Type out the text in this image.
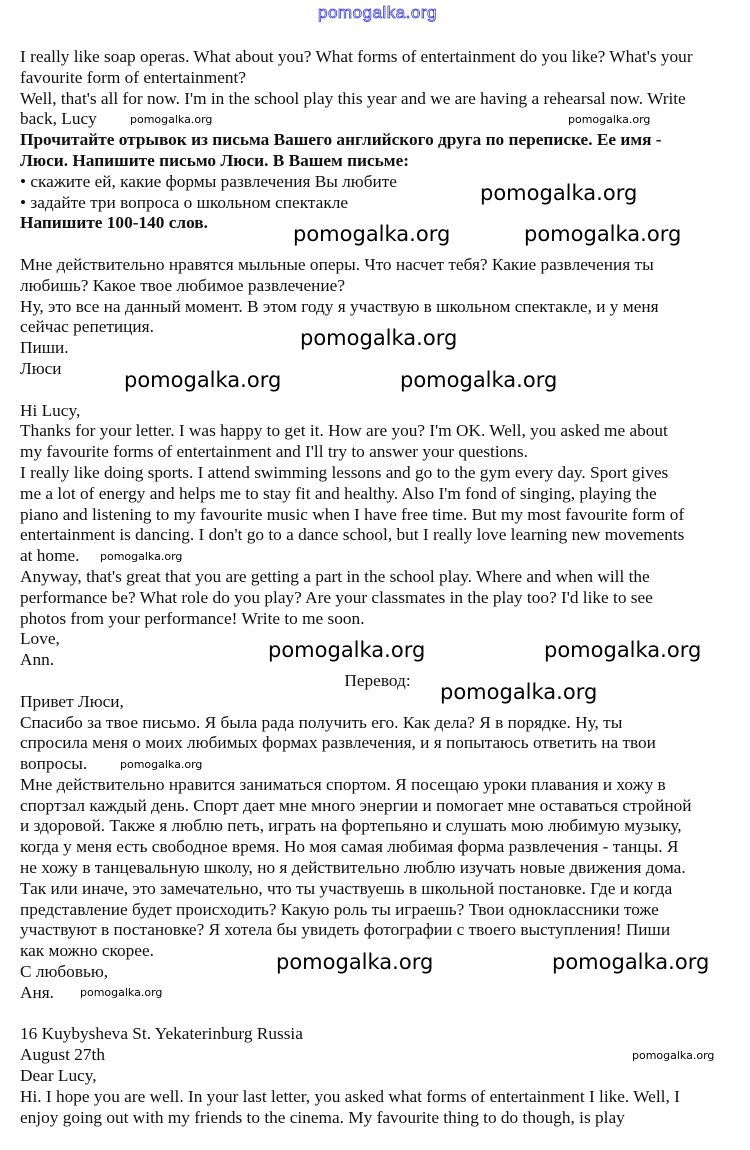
pomogalka.org
I really like soap operas. What about you? What forms of entertainment do you like? What's your
favourite form of entertainment?
Well, that's all for now. I'm in the school play this year and we are having a rehearsal now. Write
back, Lucy
Прочитайте отрывок из письма Вашего английского друга по переписке. Ее имя -
Люси. Напишите письмо Люси. В Вашем письме:
• скажите ей, какие формы развлечения Вы любите
• задайте три вопроса о школьном спектакле
Напишите 100-140 слов.
Мне действительно нравятся мыльные оперы. Что насчет тебя? Какие развлечения ты
любишь? Какое твое любимое развлечение?
Ну, это все на данный момент. В этом году я участвую в школьном спектакле, и у меня
сейчас репетиция.
Пиши.
Люси
Hi Lucy,
Thanks for your letter. I was happy to get it. How are you? I'm OK. Well, you asked me about
my favourite forms of entertainment and I'll try to answer your questions.
I really like doing sports. I attend swimming lessons and go to the gym every day. Sport gives
me a lot of energy and helps me to stay fit and healthy. Also I'm fond of singing, playing the
piano and listening to my favourite music when I have free time. But my most favourite form of
entertainment is dancing. I don't go to a dance school, but I really love learning new movements
at home.
Anyway, that's great that you are getting a part in the school play. Where and when will the
performance be? What role do you play? Are your classmates in the play too? I'd like to see
photos from your performance! Write to me soon.
Love,
Ann.
Перевод:
Привет Люси,
Спасибо за твое письмо. Я была рада получить его. Как дела? Я в порядке. Ну, ты
спросила меня о моих любимых формах развлечения, и я попытаюсь ответить на твои
вопросы.
Мне действительно нравится заниматься спортом. Я посещаю уроки плавания и хожу в
спортзал каждый день. Спорт дает мне много энергии и помогает мне оставаться стройной
и здоровой. Также я люблю петь, играть на фортепьяно и слушать мою любимую музыку,
когда у меня есть свободное время. Но моя самая любимая форма развлечения - танцы. Я
не хожу в танцевальную школу, но я действительно люблю изучать новые движения дома.
Так или иначе, это замечательно, что ты участвуешь в школьной постановке. Где и когда
представление будет происходить? Какую роль ты играешь? Твои одноклассники тоже
участвуют в постановке? Я хотела бы увидеть фотографии с твоего выступления! Пиши
как можно скорее.
С любовью,
Аня.
16 Kuybysheva St. Yekaterinburg Russia
August 27th
Dear Lucy,
Hi. I hope you are well. In your last letter, you asked what forms of entertainment I like. Well, I
enjoy going out with my friends to the cinema. My favourite thing to do though, is play
pomogalka.org	pomogalka.org
pomogalka.org
pomogalka.org
pomogalka.org	pomogalka.org
pomogalka.org	pomogalka.org
pomogalka.org
pomogalka.org	pomogalka.org
pomogalka.org	pomogalka.org
pomogalka.org
pomogalka.org
pomogalka.org
pomogalka.org
